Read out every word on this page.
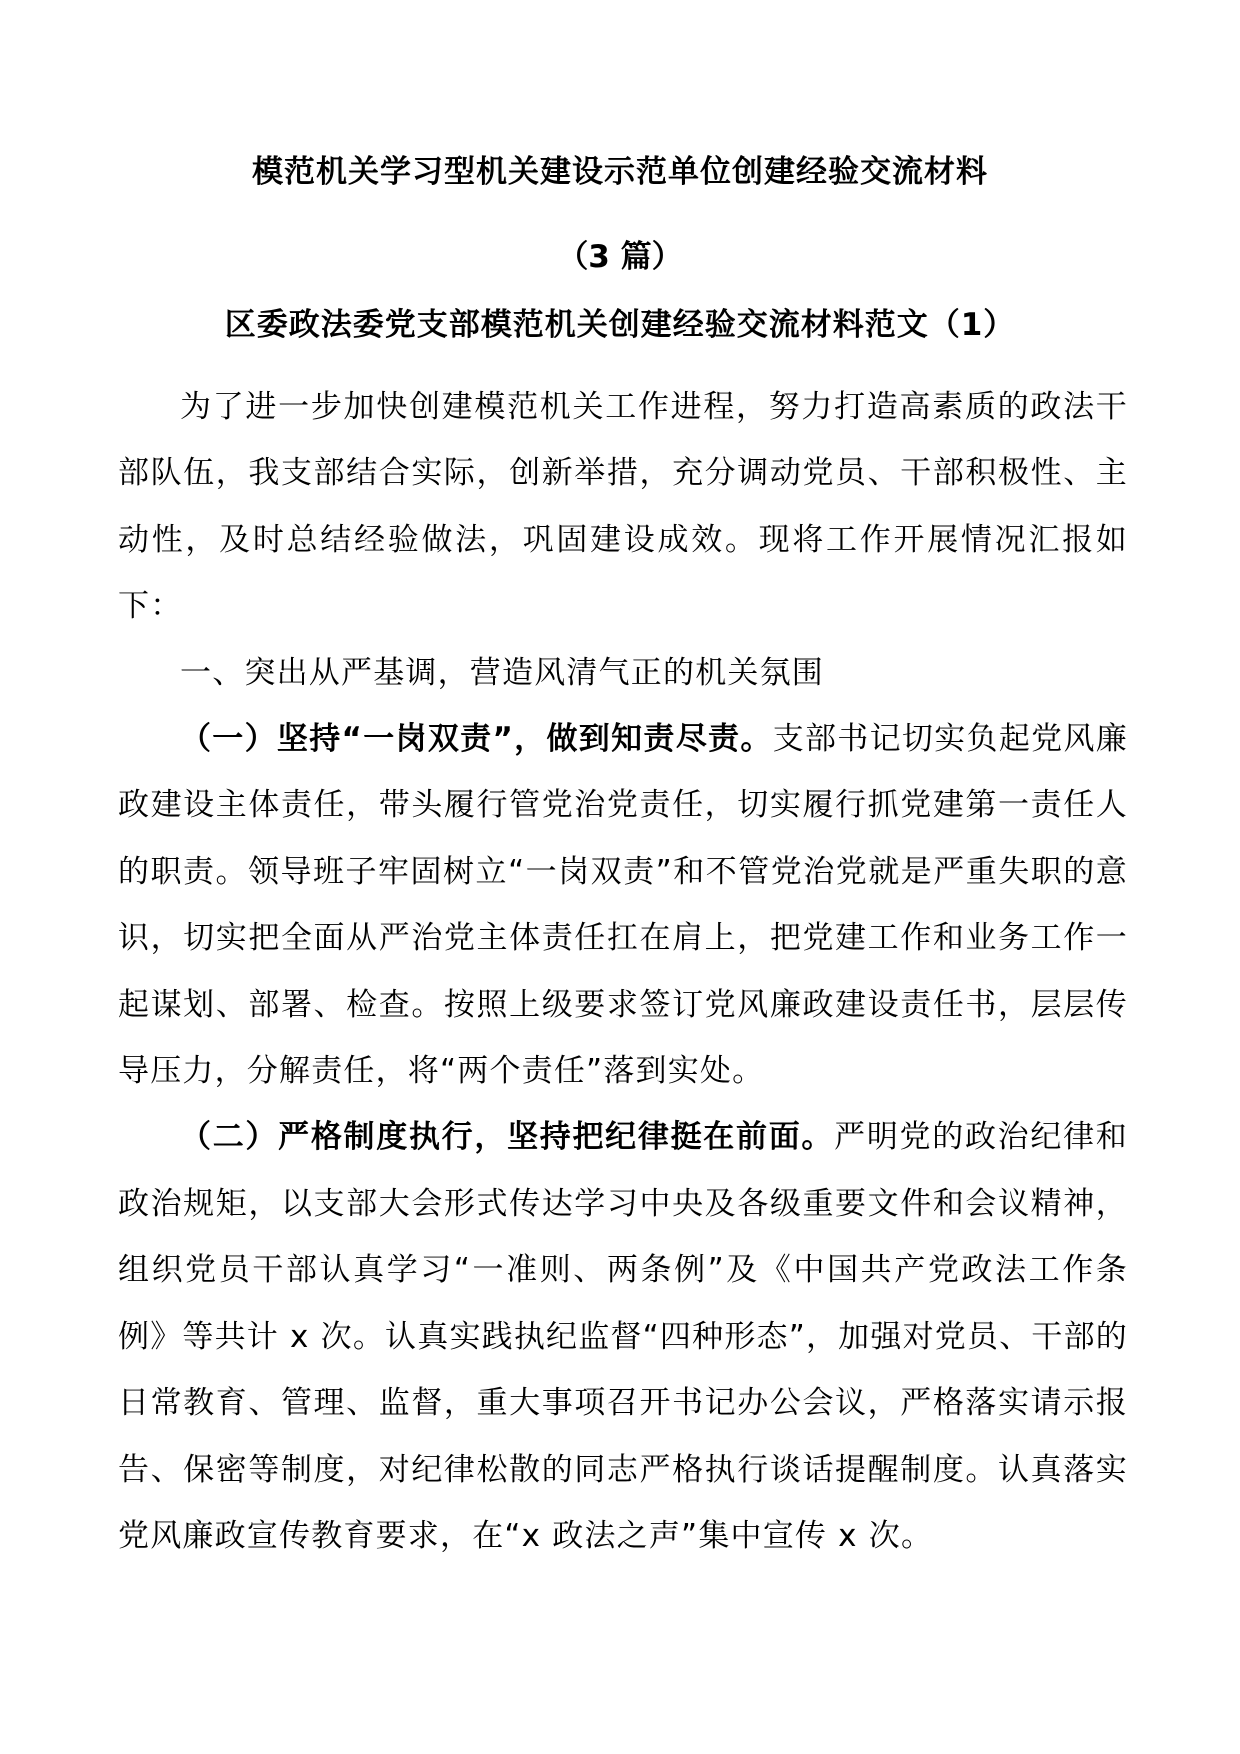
模范机关学习型机关建设示范单位创建经验交流材料
（3 篇）
区委政法委党支部模范机关创建经验交流材料范文（1）

为了进一步加快创建模范机关工作进程，努力打造高素质的政法干部队伍，我支部结合实际，创新举措，充分调动党员、干部积极性、主动性，及时总结经验做法，巩固建设成效。现将工作开展情况汇报如下：

一、突出从严基调，营造风清气正的机关氛围

（一）坚持“一岗双责”，做到知责尽责。支部书记切实负起党风廉政建设主体责任，带头履行管党治党责任，切实履行抓党建第一责任人的职责。领导班子牢固树立“一岗双责”和不管党治党就是严重失职的意识，切实把全面从严治党主体责任扛在肩上，把党建工作和业务工作一起谋划、部署、检查。按照上级要求签订党风廉政建设责任书，层层传导压力，分解责任，将“两个责任”落到实处。

（二）严格制度执行，坚持把纪律挺在前面。严明党的政治纪律和政治规矩，以支部大会形式传达学习中央及各级重要文件和会议精神，组织党员干部认真学习“一准则、两条例”及《中国共产党政法工作条例》等共计 x 次。认真实践执纪监督“四种形态”，加强对党员、干部的日常教育、管理、监督，重大事项召开书记办公会议，严格落实请示报告、保密等制度，对纪律松散的同志严格执行谈话提醒制度。认真落实党风廉政宣传教育要求，在“x 政法之声”集中宣传 x 次。
